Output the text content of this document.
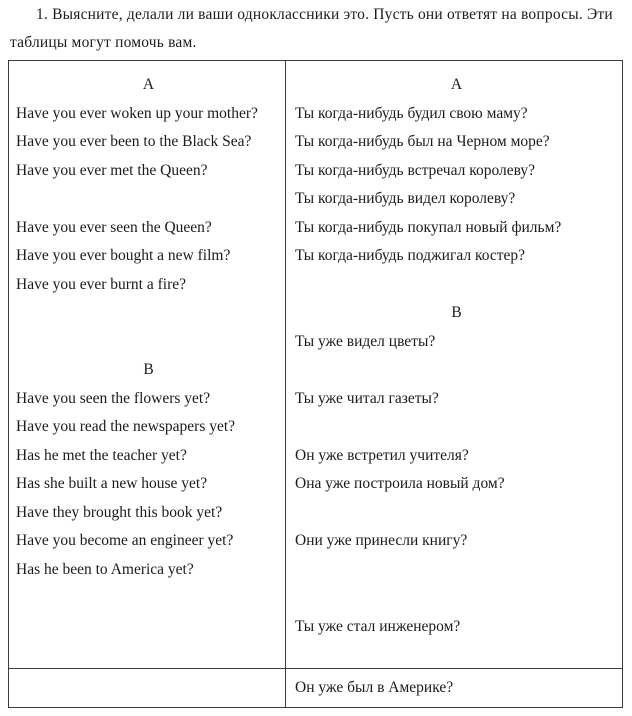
1. Выясните, делали ли ваши одноклассники это. Пусть они ответят на вопросы. Эти таблицы могут помочь вам.

A
Have you ever woken up your mother?
Have you ever been to the Black Sea?
Have you ever met the Queen?

Have you ever seen the Queen?
Have you ever bought a new film?
Have you ever burnt a fire?

B
Have you seen the flowers yet?
Have you read the newspapers yet?
Has he met the teacher yet?
Has she built a new house yet?
Have they brought this book yet?
Have you become an engineer yet?
Has he been to America yet?

А
Ты когда-нибудь будил свою маму?
Ты когда-нибудь был на Черном море?
Ты когда-нибудь встречал королеву?
Ты когда-нибудь видел королеву?
Ты когда-нибудь покупал новый фильм?
Ты когда-нибудь поджигал костер?

В
Ты уже видел цветы?

Ты уже читал газеты?

Он уже встретил учителя?
Она уже построила новый дом?

Они уже принесли книгу?

Ты уже стал инженером?

Он уже был в Америке?
